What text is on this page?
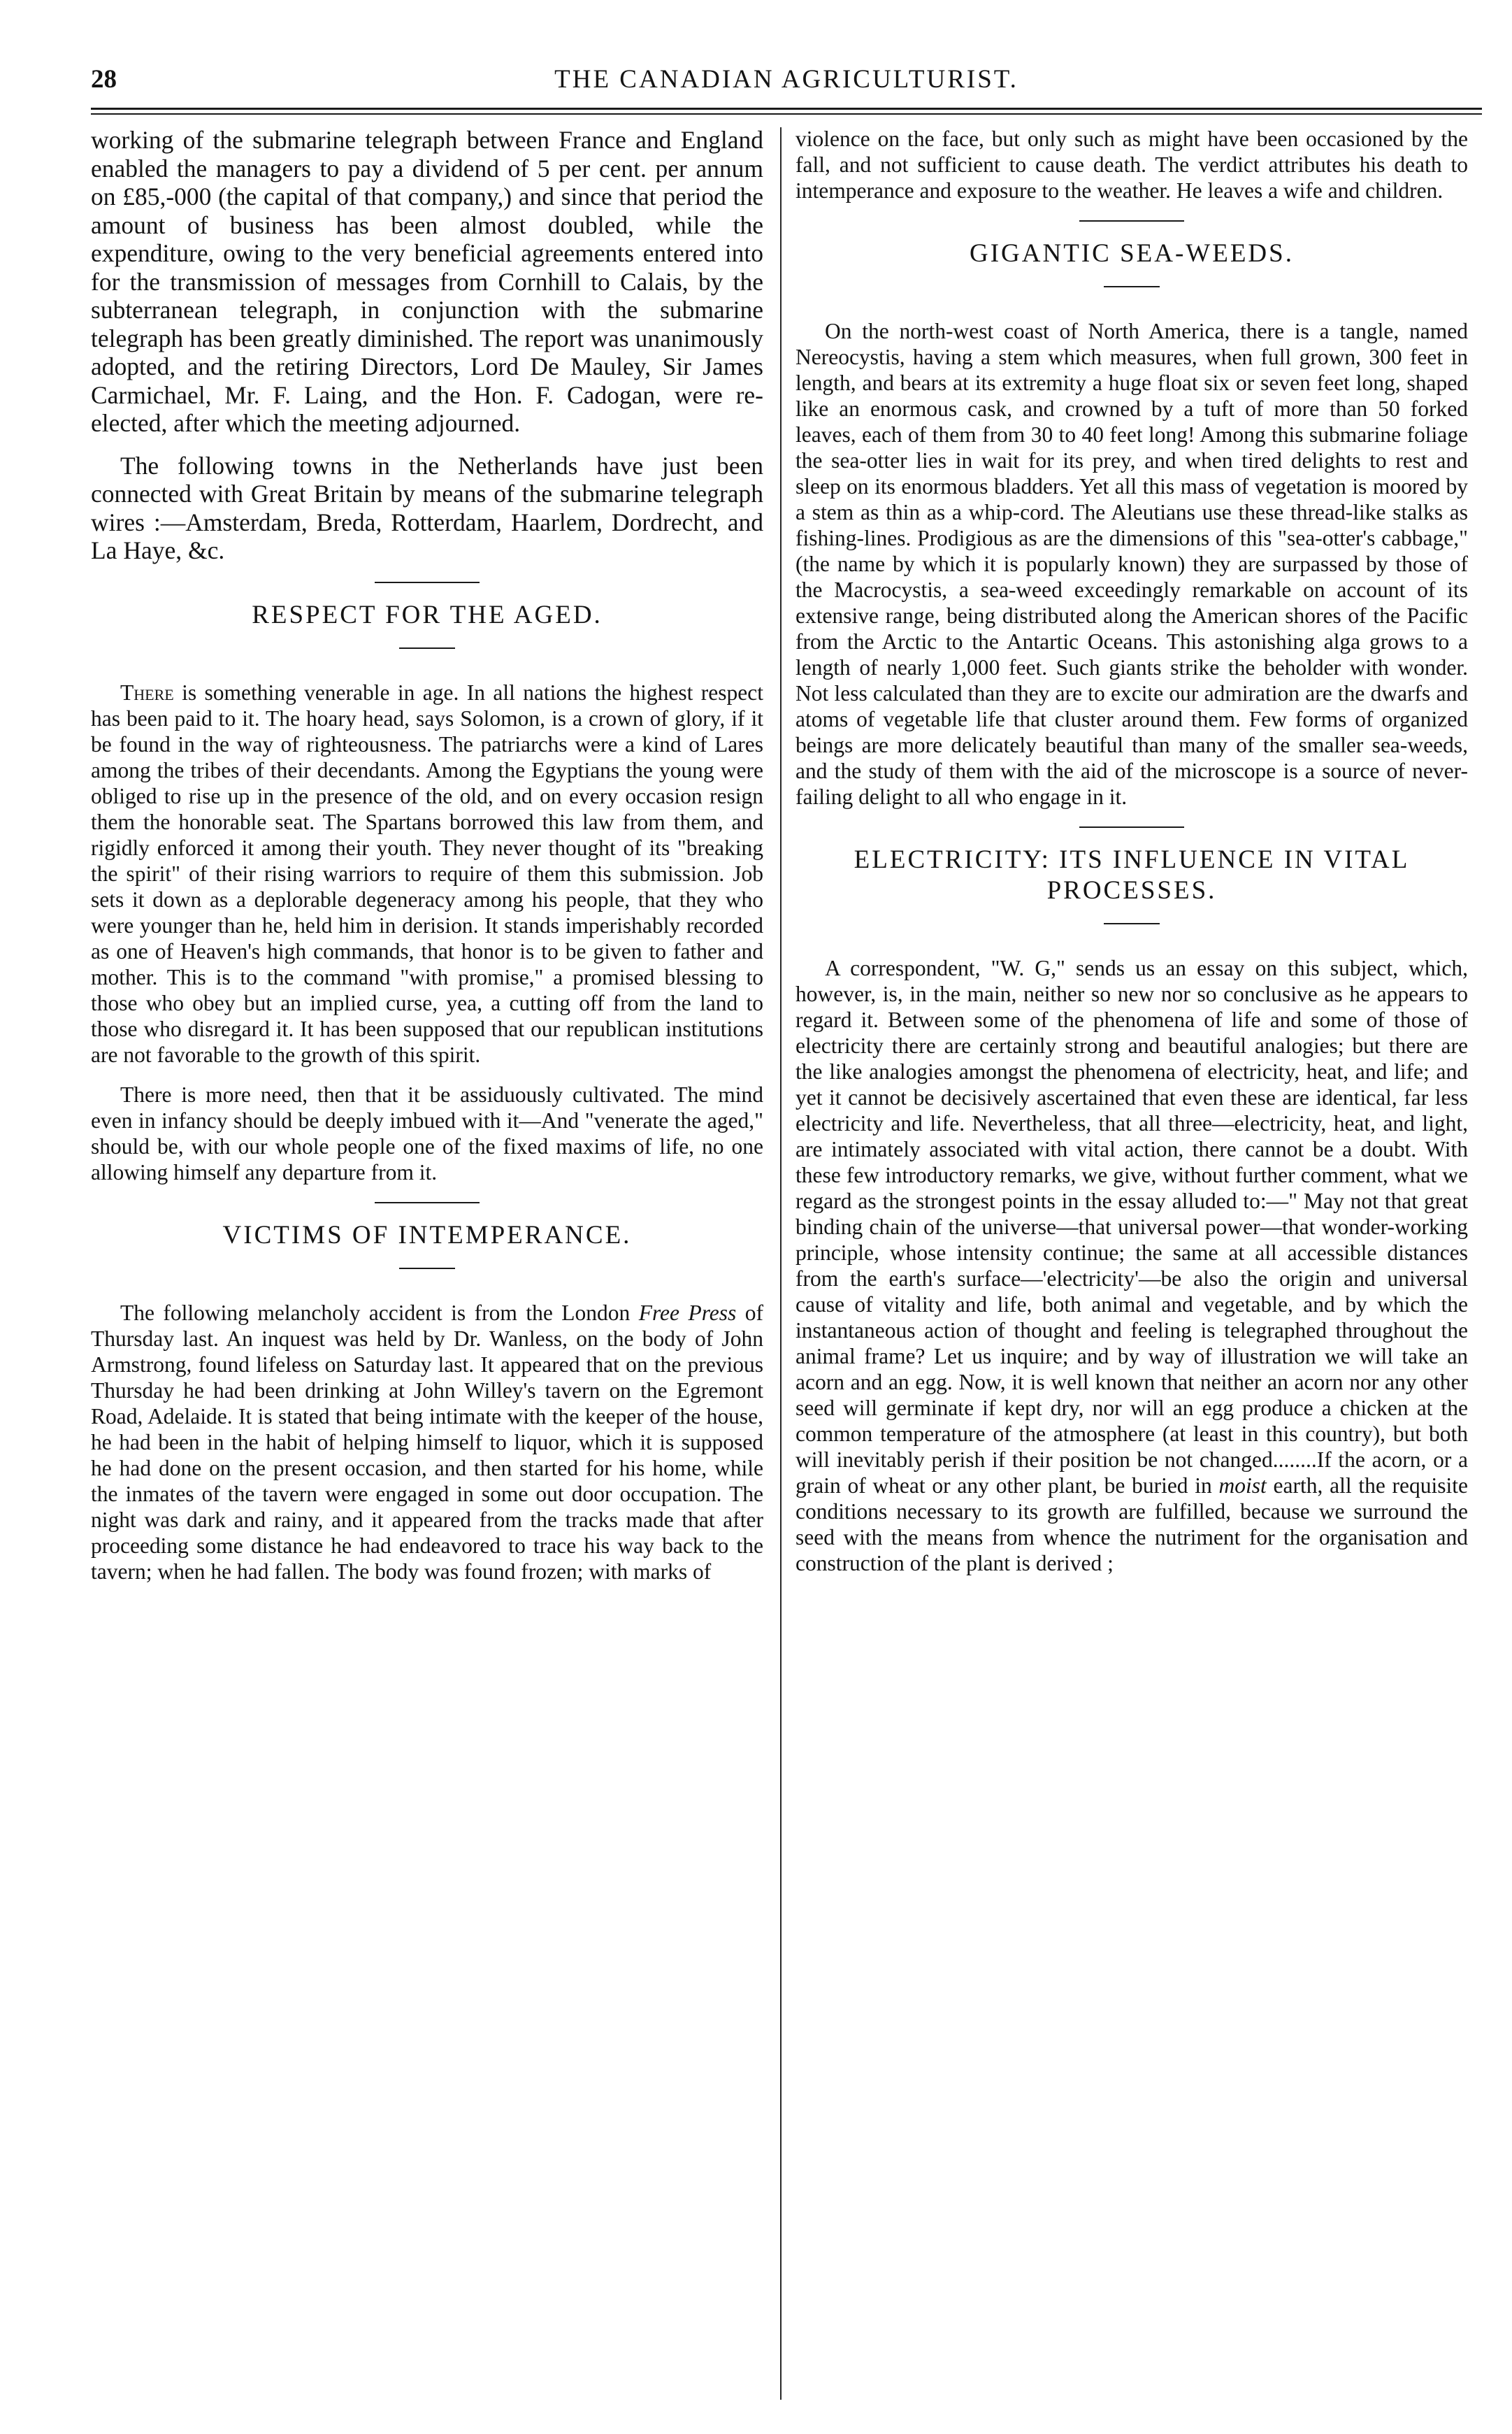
28	THE CANADIAN AGRICULTURIST.

working of the submarine telegraph between France and England enabled the managers to pay a dividend of 5 per cent. per annum on £85,-000 (the capital of that company,) and since that period the amount of business has been almost doubled, while the expenditure, owing to the very beneficial agreements entered into for the transmission of messages from Cornhill to Calais, by the subterranean telegraph, in conjunction with the submarine telegraph has been greatly diminished. The report was unanimously adopted, and the retiring Directors, Lord De Mauley, Sir James Carmichael, Mr. F. Laing, and the Hon. F. Cadogan, were re-elected, after which the meeting adjourned.

The following towns in the Netherlands have just been connected with Great Britain by means of the submarine telegraph wires :—Amsterdam, Breda, Rotterdam, Haarlem, Dordrecht, and La Haye, &c.

RESPECT FOR THE AGED.

There is something venerable in age. In all nations the highest respect has been paid to it. The hoary head, says Solomon, is a crown of glory, if it be found in the way of righteousness. The patriarchs were a kind of Lares among the tribes of their decendants. Among the Egyptians the young were obliged to rise up in the presence of the old, and on every occasion resign them the honorable seat. The Spartans borrowed this law from them, and rigidly enforced it among their youth. They never thought of its "breaking the spirit" of their rising warriors to require of them this submission. Job sets it down as a deplorable degeneracy among his people, that they who were younger than he, held him in derision. It stands imperishably recorded as one of Heaven's high commands, that honor is to be given to father and mother. This is to the command "with promise," a promised blessing to those who obey but an implied curse, yea, a cutting off from the land to those who disregard it. It has been supposed that our republican institutions are not favorable to the growth of this spirit.

There is more need, then that it be assiduously cultivated. The mind even in infancy should be deeply imbued with it—And "venerate the aged," should be, with our whole people one of the fixed maxims of life, no one allowing himself any departure from it.

VICTIMS OF INTEMPERANCE.

The following melancholy accident is from the London Free Press of Thursday last. An inquest was held by Dr. Wanless, on the body of John Armstrong, found lifeless on Saturday last. It appeared that on the previous Thursday he had been drinking at John Willey's tavern on the Egremont Road, Adelaide. It is stated that being intimate with the keeper of the house, he had been in the habit of helping himself to liquor, which it is supposed he had done on the present occasion, and then started for his home, while the inmates of the tavern were engaged in some out door occupation. The night was dark and rainy, and it appeared from the tracks made that after proceeding some distance he had endeavored to trace his way back to the tavern; when he had fallen. The body was found frozen; with marks of

violence on the face, but only such as might have been occasioned by the fall, and not sufficient to cause death. The verdict attributes his death to intemperance and exposure to the weather. He leaves a wife and children.

GIGANTIC SEA-WEEDS.

On the north-west coast of North America, there is a tangle, named Nereocystis, having a stem which measures, when full grown, 300 feet in length, and bears at its extremity a huge float six or seven feet long, shaped like an enormous cask, and crowned by a tuft of more than 50 forked leaves, each of them from 30 to 40 feet long! Among this submarine foliage the sea-otter lies in wait for its prey, and when tired delights to rest and sleep on its enormous bladders. Yet all this mass of vegetation is moored by a stem as thin as a whip-cord. The Aleutians use these thread-like stalks as fishing-lines. Prodigious as are the dimensions of this "sea-otter's cabbage," (the name by which it is popularly known) they are surpassed by those of the Macrocystis, a sea-weed exceedingly remarkable on account of its extensive range, being distributed along the American shores of the Pacific from the Arctic to the Antartic Oceans. This astonishing alga grows to a length of nearly 1,000 feet. Such giants strike the beholder with wonder. Not less calculated than they are to excite our admiration are the dwarfs and atoms of vegetable life that cluster around them. Few forms of organized beings are more delicately beautiful than many of the smaller sea-weeds, and the study of them with the aid of the microscope is a source of never-failing delight to all who engage in it.

ELECTRICITY: ITS INFLUENCE IN VITAL PROCESSES.

A correspondent, "W. G," sends us an essay on this subject, which, however, is, in the main, neither so new nor so conclusive as he appears to regard it. Between some of the phenomena of life and some of those of electricity there are certainly strong and beautiful analogies; but there are the like analogies amongst the phenomena of electricity, heat, and life; and yet it cannot be decisively ascertained that even these are identical, far less electricity and life. Nevertheless, that all three—electricity, heat, and light, are intimately associated with vital action, there cannot be a doubt. With these few introductory remarks, we give, without further comment, what we regard as the strongest points in the essay alluded to:—" May not that great binding chain of the universe—that universal power—that wonder-working principle, whose intensity continue; the same at all accessible distances from the earth's surface—'electricity'—be also the origin and universal cause of vitality and life, both animal and vegetable, and by which the instantaneous action of thought and feeling is telegraphed throughout the animal frame? Let us inquire; and by way of illustration we will take an acorn and an egg. Now, it is well known that neither an acorn nor any other seed will germinate if kept dry, nor will an egg produce a chicken at the common temperature of the atmosphere (at least in this country), but both will inevitably perish if their position be not changed........If the acorn, or a grain of wheat or any other plant, be buried in moist earth, all the requisite conditions necessary to its growth are fulfilled, because we surround the seed with the means from whence the nutriment for the organisation and construction of the plant is derived ;
